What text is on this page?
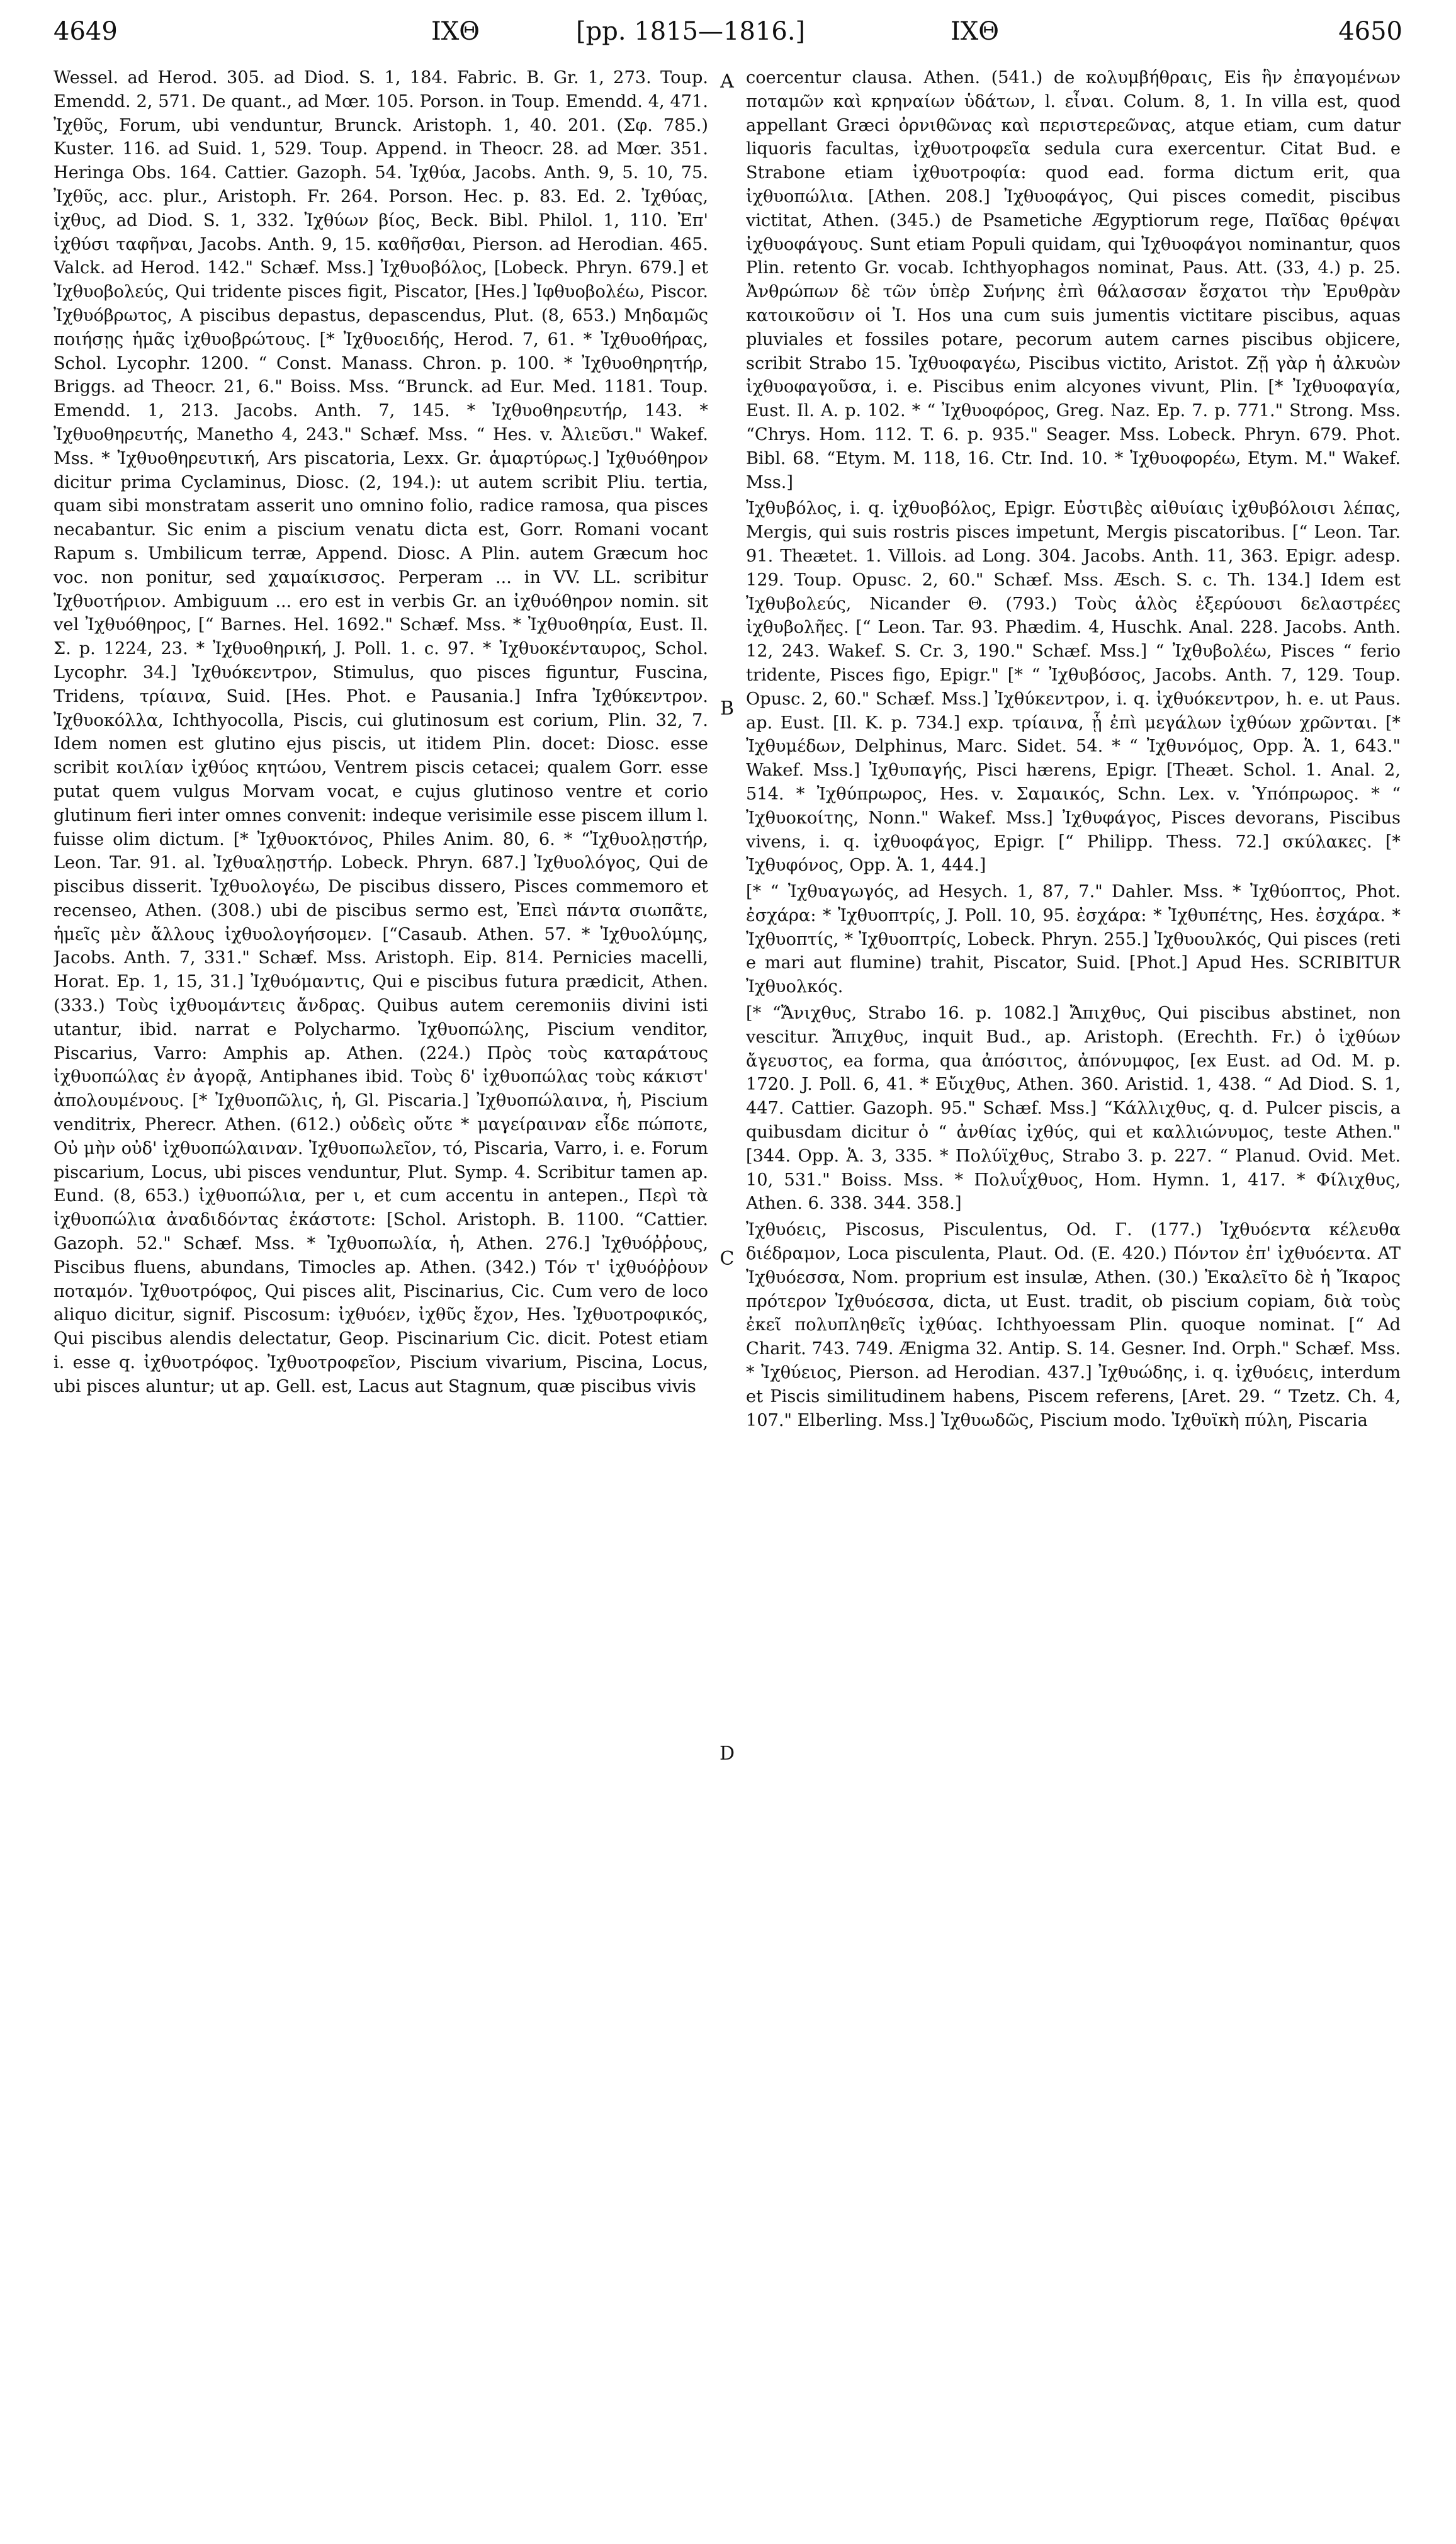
4649	ΙΧΘ	[pp. 1815—1816.]	ΙΧΘ	4650

Wessel. ad Herod. 305. ad Diod. S. 1, 184. Fabric. B. Gr. 1, 273. Toup. Emendd. 2, 571. De quant., ad Mœr. 105. Porson. in Toup. Emendd. 4, 471. Ἰχθῦς, Forum, ubi venduntur, Brunck. Aristoph. 1, 40. 201. (Σφ. 785.) Kuster. 116. ad Suid. 1, 529. Toup. Append. in Theocr. 28. ad Mœr. 351. Heringa Obs. 164. Cattier. Gazoph. 54. Ἰχθύα, Jacobs. Anth. 9, 5. 10, 75. Ἰχθῦς, acc. plur., Aristoph. Fr. 264. Porson. Hec. p. 83. Ed. 2. Ἰχθύας, ἰχθυς, ad Diod. S. 1, 332. Ἰχθύων βίος, Beck. Bibl. Philol. 1, 110. Ἐπ' ἰχθύσι ταφῆναι, Jacobs. Anth. 9, 15. καθῆσθαι, Pierson. ad Herodian. 465. Valck. ad Herod. 142." Schæf. Mss.] Ἰχθυοβόλος, [Lobeck. Phryn. 679.] et Ἰχθυοβολεύς, Qui tridente pisces figit, Piscator, [Hes.] Ἰφθυοβολέω, Piscor. Ἰχθυόβρωτος, A piscibus depastus, depascendus, Plut. (8, 653.) Μηδαμῶς ποιήσῃς ἡμᾶς ἰχθυοβρώτους. [* Ἰχθυοειδής, Herod. 7, 61. * Ἰχθυοθήρας, Schol. Lycophr. 1200. “ Const. Manass. Chron. p. 100. * Ἰχθυοθηρητήρ, Briggs. ad Theocr. 21, 6." Boiss. Mss. “Brunck. ad Eur. Med. 1181. Toup. Emendd. 1, 213. Jacobs. Anth. 7, 145. * Ἰχθυοθηρευτήρ, 143. * Ἰχθυοθηρευτής, Manetho 4, 243." Schæf. Mss. “ Hes. v. Ἀλιεῦσι." Wakef. Mss. * Ἰχθυοθηρευτική, Ars piscatoria, Lexx. Gr. ἁμαρτύρως.] Ἰχθυόθηρον dicitur prima Cyclaminus, Diosc. (2, 194.): ut autem scribit Pliu. tertia, quam sibi monstratam asserit uno omnino folio, radice ramosa, qua pisces necabantur. Sic enim a piscium venatu dicta est, Gorr. Romani vocant Rapum s. Umbilicum terræ, Append. Diosc. A Plin. autem Græcum hoc voc. non ponitur, sed χαμαίκισσος. Perperam ... in VV. LL. scribitur Ἰχθυοτήριον. Ambiguum ... ero est in verbis Gr. an ἰχθυόθηρον nomin. sit vel Ἰχθυόθηρος, [“ Barnes. Hel. 1692." Schæf. Mss. * Ἰχθυοθηρία, Eust. Il. Σ. p. 1224, 23. * Ἰχθυοθηρική, J. Poll. 1. c. 97. * Ἰχθυοκένταυρος, Schol. Lycophr. 34.] Ἰχθυόκεντρον, Stimulus, quo pisces figuntur, Fuscina, Tridens, τρίαινα, Suid. [Hes. Phot. e Pausania.] Infra Ἰχθύκεντρον. Ἰχθυοκόλλα, Ichthyocolla, Piscis, cui glutinosum est corium, Plin. 32, 7. Idem nomen est glutino ejus piscis, ut itidem Plin. docet: Diosc. esse scribit κοιλίαν ἰχθύος κητώου, Ventrem piscis cetacei; qualem Gorr. esse putat quem vulgus Morvam vocat, e cujus glutinoso ventre et corio glutinum fieri inter omnes convenit: indeque verisimile esse piscem illum l. fuisse olim dictum. [* Ἰχθυοκτόνος, Philes Anim. 80, 6. * “Ἰχθυολῃστήρ, Leon. Tar. 91. al. Ἰχθυαλῃστήρ. Lobeck. Phryn. 687.] Ἰχθυολόγος, Qui de piscibus disserit. Ἰχθυολογέω, De piscibus dissero, Pisces commemoro et recenseo, Athen. (308.) ubi de piscibus sermo est, Ἐπεὶ πάντα σιωπᾶτε, ἡμεῖς μὲν ἄλλους ἰχθυολογήσομεν. [“Casaub. Athen. 57. * Ἰχθυολύμης, Jacobs. Anth. 7, 331." Schæf. Mss. Aristoph. Eip. 814. Pernicies macelli, Horat. Ep. 1, 15, 31.] Ἰχθυόμαντις, Qui e piscibus futura prædicit, Athen. (333.) Τοὺς ἰχθυομάντεις ἄνδρας. Quibus autem ceremoniis divini isti utantur, ibid. narrat e Polycharmo. Ἰχθυοπώλης, Piscium venditor, Piscarius, Varro: Amphis ap. Athen. (224.) Πρὸς τοὺς καταράτους ἰχθυοπώλας ἐν ἀγορᾷ, Antiphanes ibid. Τοὺς δ' ἰχθυοπώλας τοὺς κάκιστ' ἀπολουμένους. [* Ἰχθυοπῶλις, ἡ, Gl. Piscaria.] Ἰχθυοπώλαινα, ἡ, Piscium venditrix, Pherecr. Athen. (612.) οὐδεὶς οὔτε * μαγείραιναν εἶδε πώποτε, Οὐ μὴν οὐδ' ἰχθυοπώλαιναν. Ἰχθυοπωλεῖον, τό, Piscaria, Varro, i. e. Forum piscarium, Locus, ubi pisces venduntur, Plut. Symp. 4. Scribitur tamen ap. Eund. (8, 653.) ἰχθυοπώλια, per ι, et cum accentu in antepen., Περὶ τὰ ἰχθυοπώλια ἀναδιδόντας ἑκάστοτε: [Schol. Aristoph. B. 1100. “Cattier. Gazoph. 52." Schæf. Mss. * Ἰχθυοπωλία, ἡ, Athen. 276.] Ἰχθυόῤῥους, Piscibus fluens, abundans, Timocles ap. Athen. (342.) Τόν τ' ἰχθυόῤῥουν ποταμόν. Ἰχθυοτρόφος, Qui pisces alit, Piscinarius, Cic. Cum vero de loco aliquo dicitur, signif. Piscosum: ἰχθυόεν, ἰχθῦς ἔχον, Hes. Ἰχθυοτροφικός, Qui piscibus alendis delectatur, Geop. Piscinarium Cic. dicit. Potest etiam i. esse q. ἰχθυοτρόφος. Ἰχθυοτροφεῖον, Piscium vivarium, Piscina, Locus, ubi pisces aluntur; ut ap. Gell. est, Lacus aut Stagnum, quæ piscibus vivis

A
B
C
D

coercentur clausa. Athen. (541.) de κολυμβήθραις, Eis ἣν ἐπαγομένων ποταμῶν καὶ κρηναίων ὑδάτων, l. εἶναι. Colum. 8, 1. In villa est, quod appellant Græci ὀρνιθῶνας καὶ περιστερεῶνας, atque etiam, cum datur liquoris facultas, ἰχθυοτροφεῖα sedula cura exercentur. Citat Bud. e Strabone etiam ἰχθυοτροφία: quod ead. forma dictum erit, qua ἰχθυοπώλια. [Athen. 208.] Ἰχθυοφάγος, Qui pisces comedit, piscibus victitat, Athen. (345.) de Psametiche Ægyptiorum rege, Παῖδας θρέψαι ἰχθυοφάγους. Sunt etiam Populi quidam, qui Ἰχθυοφάγοι nominantur, quos Plin. retento Gr. vocab. Ichthyophagos nominat, Paus. Att. (33, 4.) p. 25. Ἀνθρώπων δὲ τῶν ὑπὲρ Συήνης ἐπὶ θάλασσαν ἔσχατοι τὴν Ἐρυθρὰν κατοικοῦσιν οἱ Ἰ. Hos una cum suis jumentis victitare piscibus, aquas pluviales et fossiles potare, pecorum autem carnes piscibus objicere, scribit Strabo 15. Ἰχθυοφαγέω, Piscibus victito, Aristot. Ζῇ γὰρ ἡ ἀλκυὼν ἰχθυοφαγοῦσα, i. e. Piscibus enim alcyones vivunt, Plin. [* Ἰχθυοφαγία, Eust. Il. A. p. 102. * “ Ἰχθυοφόρος, Greg. Naz. Ep. 7. p. 771." Strong. Mss. “Chrys. Hom. 112. T. 6. p. 935." Seager. Mss. Lobeck. Phryn. 679. Phot. Bibl. 68. “Etym. M. 118, 16. Ctr. Ind. 10. * Ἰχθυοφορέω, Etym. M." Wakef. Mss.]

Ἰχθυβόλος, i. q. ἰχθυοβόλος, Epigr. Εὐστιβὲς αἰθυίαις ἰχθυβόλοισι λέπας, Mergis, qui suis rostris pisces impetunt, Mergis piscatoribus. [“ Leon. Tar. 91. Theætet. 1. Villois. ad Long. 304. Jacobs. Anth. 11, 363. Epigr. adesp. 129. Toup. Opusc. 2, 60." Schæf. Mss. Æsch. S. c. Th. 134.] Idem est Ἰχθυβολεύς, Nicander Θ. (793.) Τοὺς ἁλὸς ἐξερύουσι δελαστρέες ἰχθυβολῆες. [“ Leon. Tar. 93. Phædim. 4, Huschk. Anal. 228. Jacobs. Anth. 12, 243. Wakef. S. Cr. 3, 190." Schæf. Mss.] “ Ἰχθυβολέω, Pisces “ ferio tridente, Pisces figo, Epigr." [* “ Ἰχθυβόσος, Jacobs. Anth. 7, 129. Toup. Opusc. 2, 60." Schæf. Mss.] Ἰχθύκεντρον, i. q. ἰχθυόκεντρον, h. e. ut Paus. ap. Eust. [Il. K. p. 734.] exp. τρίαινα, ᾗ ἐπὶ μεγάλων ἰχθύων χρῶνται. [* Ἰχθυμέδων, Delphinus, Marc. Sidet. 54. * “ Ἰχθυνόμος, Opp. Ἁ. 1, 643." Wakef. Mss.] Ἰχθυπαγής, Pisci hærens, Epigr. [Theæt. Schol. 1. Anal. 2, 514. * Ἰχθύπρωρος, Hes. v. Σαμαικός, Schn. Lex. v. Ὑπόπρωρος. * “ Ἰχθυοκοίτης, Nonn." Wakef. Mss.] Ἰχθυφάγος, Pisces devorans, Piscibus vivens, i. q. ἰχθυοφάγος, Epigr. [“ Philipp. Thess. 72.] σκύλακες. [* Ἰχθυφόνος, Opp. Ἁ. 1, 444.]

[* “ Ἰχθυαγωγός, ad Hesych. 1, 87, 7." Dahler. Mss. * Ἰχθύοπτος, Phot. ἐσχάρα: * Ἰχθυοπτρίς, J. Poll. 10, 95. ἐσχάρα: * Ἰχθυπέτης, Hes. ἐσχάρα. * Ἰχθυοπτίς, * Ἰχθυοπτρίς, Lobeck. Phryn. 255.] Ἰχθυουλκός, Qui pisces (reti e mari aut flumine) trahit, Piscator, Suid. [Phot.] Apud Hes. SCRIBITUR Ἰχθυολκός.

[* “Ἄνιχθυς, Strabo 16. p. 1082.] Ἄπιχθυς, Qui piscibus abstinet, non vescitur. Ἄπιχθυς, inquit Bud., ap. Aristoph. (Erechth. Fr.) ὁ ἰχθύων ἄγευστος, ea forma, qua ἀπόσιτος, ἀπόνυμφος, [ex Eust. ad Od. M. p. 1720. J. Poll. 6, 41. * Εὔιχθυς, Athen. 360. Aristid. 1, 438. “ Ad Diod. S. 1, 447. Cattier. Gazoph. 95." Schæf. Mss.] “Κάλλιχθυς, q. d. Pulcer piscis, a quibusdam dicitur ὁ “ ἀνθίας ἰχθύς, qui et καλλιώνυμος, teste Athen." [344. Opp. Ἁ. 3, 335. * Πολύϊχθυς, Strabo 3. p. 227. “ Planud. Ovid. Met. 10, 531." Boiss. Mss. * Πολυΐχθυος, Hom. Hymn. 1, 417. * Φίλιχθυς, Athen. 6. 338. 344. 358.]

Ἰχθυόεις, Piscosus, Pisculentus, Od. Γ. (177.) Ἰχθυόεντα κέλευθα διέδραμον, Loca pisculenta, Plaut. Od. (E. 420.) Πόντον ἐπ' ἰχθυόεντα. AT Ἰχθυόεσσα, Nom. proprium est insulæ, Athen. (30.) Ἐκαλεῖτο δὲ ἡ Ἴκαρος πρότερον Ἰχθυόεσσα, dicta, ut Eust. tradit, ob piscium copiam, διὰ τοὺς ἐκεῖ πολυπληθεῖς ἰχθύας. Ichthyoessam Plin. quoque nominat. [“ Ad Charit. 743. 749. Ænigma 32. Antip. S. 14. Gesner. Ind. Orph." Schæf. Mss. * Ἰχθύειος, Pierson. ad Herodian. 437.] Ἰχθυώδης, i. q. ἰχθυόεις, interdum et Piscis similitudinem habens, Piscem referens, [Aret. 29. “ Tzetz. Ch. 4, 107." Elberling. Mss.] Ἰχθυωδῶς, Piscium modo. Ἰχθυϊκὴ πύλη, Piscaria
